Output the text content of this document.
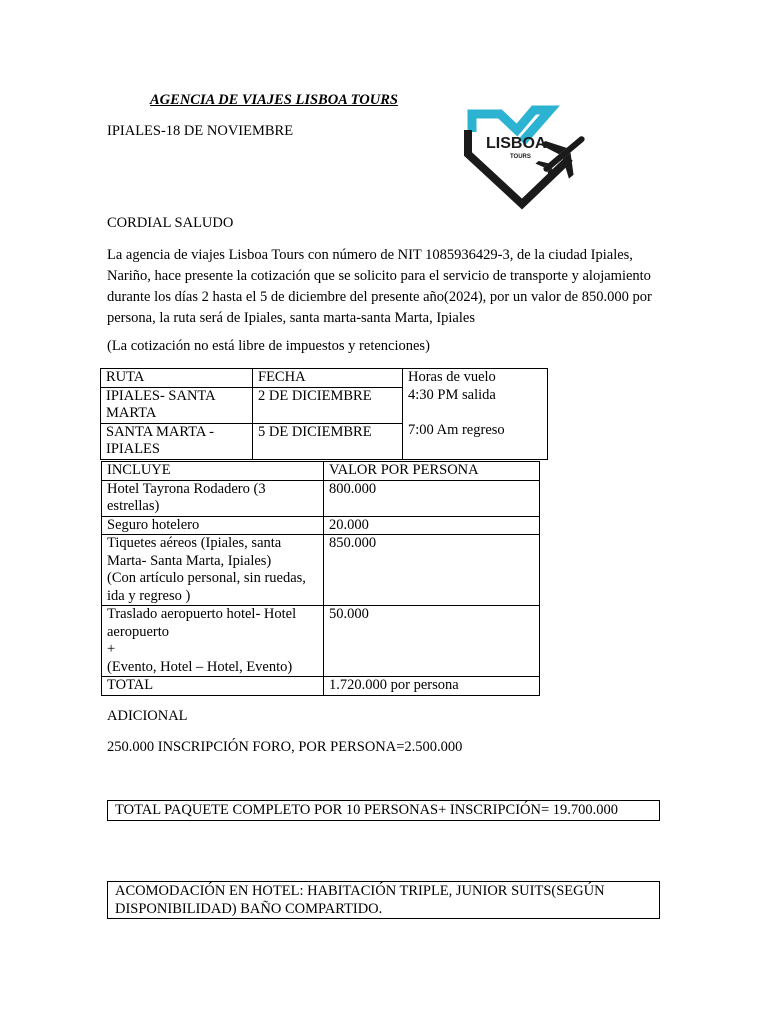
AGENCIA DE VIAJES LISBOA TOURS
IPIALES-18 DE NOVIEMBRE
LISBOA
TOURS
CORDIAL SALUDO
La agencia de viajes Lisboa Tours con número de NIT 1085936429-3, de la ciudad Ipiales, Nariño, hace presente la cotización que se solicito para el servicio de transporte y alojamiento durante los días 2 hasta el 5 de diciembre del presente año(2024), por un valor de 850.000 por persona, la ruta será de Ipiales, santa marta-santa Marta, Ipiales
(La cotización no está libre de impuestos y retenciones)
RUTA	FECHA	Horas de vuelo
4:30 PM salida
7:00 Am regreso

IPIALES- SANTA MARTA	2 DE DICIEMBRE	
SANTA MARTA - IPIALES	5 DE DICIEMBRE	
INCLUYE	VALOR POR PERSONA
Hotel Tayrona Rodadero (3 estrellas)	800.000
Seguro hotelero	20.000

Tiquetes aéreos (Ipiales, santa Marta- Santa Marta, Ipiales)
(Con artículo personal, sin ruedas, ida y regreso )	850.000

Traslado aeropuerto hotel- Hotel aeropuerto
+
(Evento, Hotel – Hotel, Evento)	50.000
TOTAL	1.720.000 por persona
ADICIONAL
250.000 INSCRIPCIÓN FORO, POR PERSONA=2.500.000
TOTAL PAQUETE COMPLETO POR 10 PERSONAS+ INSCRIPCIÓN= 19.700.000
ACOMODACIÓN EN HOTEL: HABITACIÓN TRIPLE, JUNIOR SUITS(SEGÚN DISPONIBILIDAD) BAÑO COMPARTIDO.
